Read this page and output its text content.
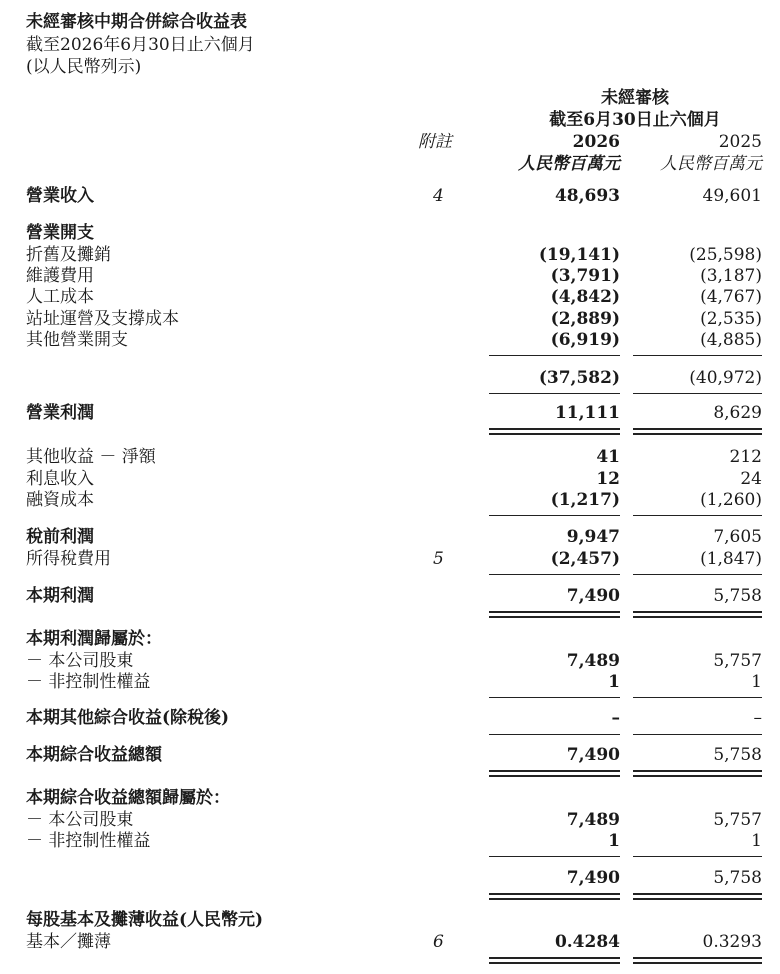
未經審核中期合併綜合收益表
截至2026年6月30日止六個月
(以人民幣列示)
未經審核
截至6月30日止六個月
附註	2026	2025
人民幣百萬元 人民幣百萬元
營業收入	4	48,693	49,601
營業開支
折舊及攤銷	(19,141)	(25,598)
維護費用	(3,791)	(3,187)
人工成本	(4,842)	(4,767)
站址運營及支撐成本	(2,889)	(2,535)
其他營業開支	(6,919)	(4,885)
(37,582)	(40,972)
營業利潤	11,111	8,629
其他收益 － 淨額	41	212
利息收入	12	24
融資成本	(1,217)	(1,260)
稅前利潤	9,947	7,605
所得稅費用	5	(2,457)	(1,847)
本期利潤	7,490	5,758
本期利潤歸屬於：
－ 本公司股東	7,489	5,757
－ 非控制性權益	1	1
本期其他綜合收益(除稅後)	–	–
本期綜合收益總額	7,490	5,758
本期綜合收益總額歸屬於：
－ 本公司股東	7,489	5,757
－ 非控制性權益	1	1
7,490	5,758
每股基本及攤薄收益(人民幣元)
基本／攤薄	6	0.4284	0.3293
